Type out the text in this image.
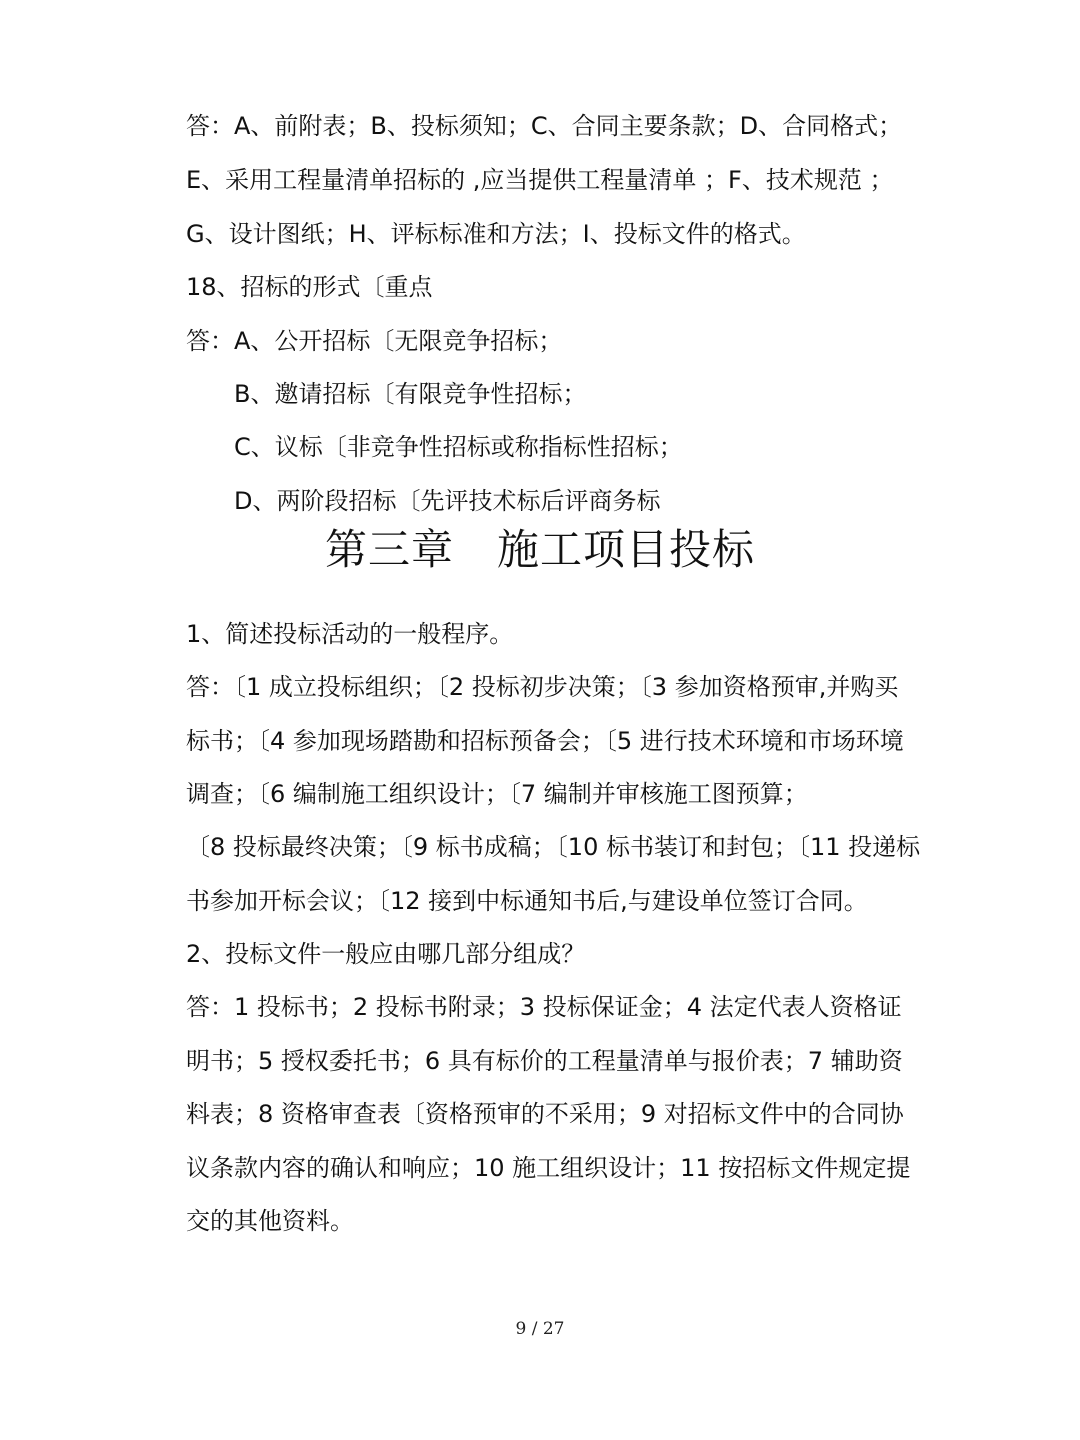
答：A、前附表；B、投标须知；C、合同主要条款；D、合同格式；
E、采用工程量清单招标的 ,应当提供工程量清单 ；F、技术规范 ；
G、设计图纸；H、评标标准和方法；I、投标文件的格式。
18、招标的形式〔重点
答：A、公开招标〔无限竞争招标；
B、邀请招标〔有限竞争性招标；
C、议标〔非竞争性招标或称指标性招标；
D、两阶段招标〔先评技术标后评商务标
第三章　施工项目投标
1、简述投标活动的一般程序。
答：〔1 成立投标组织；〔2 投标初步决策；〔3 参加资格预审,并购买
标书；〔4 参加现场踏勘和招标预备会；〔5 进行技术环境和市场环境
调查；〔6 编制施工组织设计；〔7 编制并审核施工图预算；
〔8 投标最终决策；〔9 标书成稿；〔10 标书装订和封包；〔11 投递标
书参加开标会议；〔12 接到中标通知书后,与建设单位签订合同。
2、投标文件一般应由哪几部分组成？
答：1 投标书；2 投标书附录；3 投标保证金；4 法定代表人资格证
明书；5 授权委托书；6 具有标价的工程量清单与报价表；7 辅助资
料表；8 资格审查表〔资格预审的不采用；9 对招标文件中的合同协
议条款内容的确认和响应；10 施工组织设计；11 按招标文件规定提
交的其他资料。
9 / 27
